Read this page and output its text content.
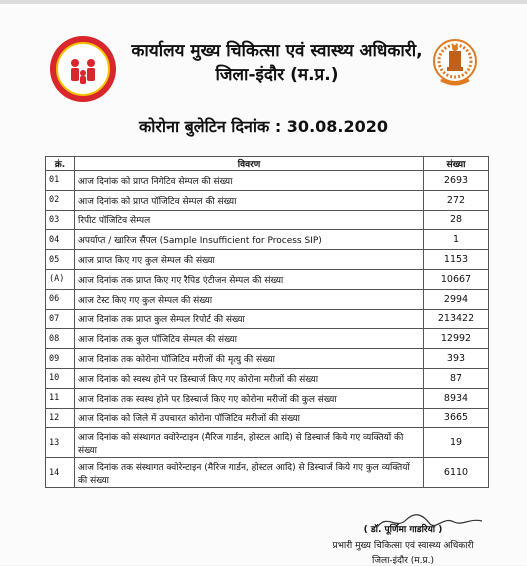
कार्यालय मुख्य चिकित्सा एवं स्वास्थ्य अधिकारी,
जिला-इंदौर (म.प्र.)
कोरोना बुलेटिन दिनांक : 30.08.2020
क्रं.	विवरण	संख्या
01	आज दिनांक को प्राप्त निगेटिव सेम्पल की संख्या	2693
02	आज दिनांक को प्राप्त पॉजिटिव सेम्पल की संख्या	272
03	रिपीट पॉजिटिव सेम्पल	28
04	अपर्याप्त / खारिज सैंपल (Sample Insufficient for Process SIP)	1
05	आज प्राप्त किए गए कुल सेम्पल की संख्या	1153
(A)	आज दिनांक तक प्राप्त किए गए रैपिड एंटीजन सेम्पल की संख्या	10667
06	आज टेस्ट किए गए कुल सेम्पल की संख्या	2994
07	आज दिनांक तक प्राप्त कुल सेम्पल रिपोर्ट की संख्या	213422
08	आज दिनांक तक कुल पॉजिटिव सेम्पल की संख्या	12992
09	आज दिनांक तक कोरोना पॉजिटिव मरीजों की मृत्यु की संख्या	393
10	आज दिनांक को स्वस्थ होने पर डिस्चार्ज किए गए कोरोना मरीजों की संख्या	87
11	आज दिनांक तक स्वस्थ होने पर डिस्चार्ज किए गए कोरोना मरीजों की कुल संख्या	8934
12	आज दिनांक को जिले में उपचारत कोरोना पॉजिटिव मरीजों की संख्या	3665
13	आज दिनांक को संस्थागत क्वोरेन्टाइन (मैरिज गार्डन, होस्टल आदि) से डिस्चार्ज किये गए व्यक्तियों की संख्या	19
14	आज दिनांक तक संस्थागत क्वोरेन्टाइन (मैरिज गार्डन, होस्टल आदि) से डिस्चार्ज किये गए कुल व्यक्तियों की संख्या	6110
( डॉ. पूर्णिमा गाडरिया )
प्रभारी मुख्य चिकित्सा एवं स्वास्थ्य अधिकारी
जिला-इंदौर (म.प्र.)
